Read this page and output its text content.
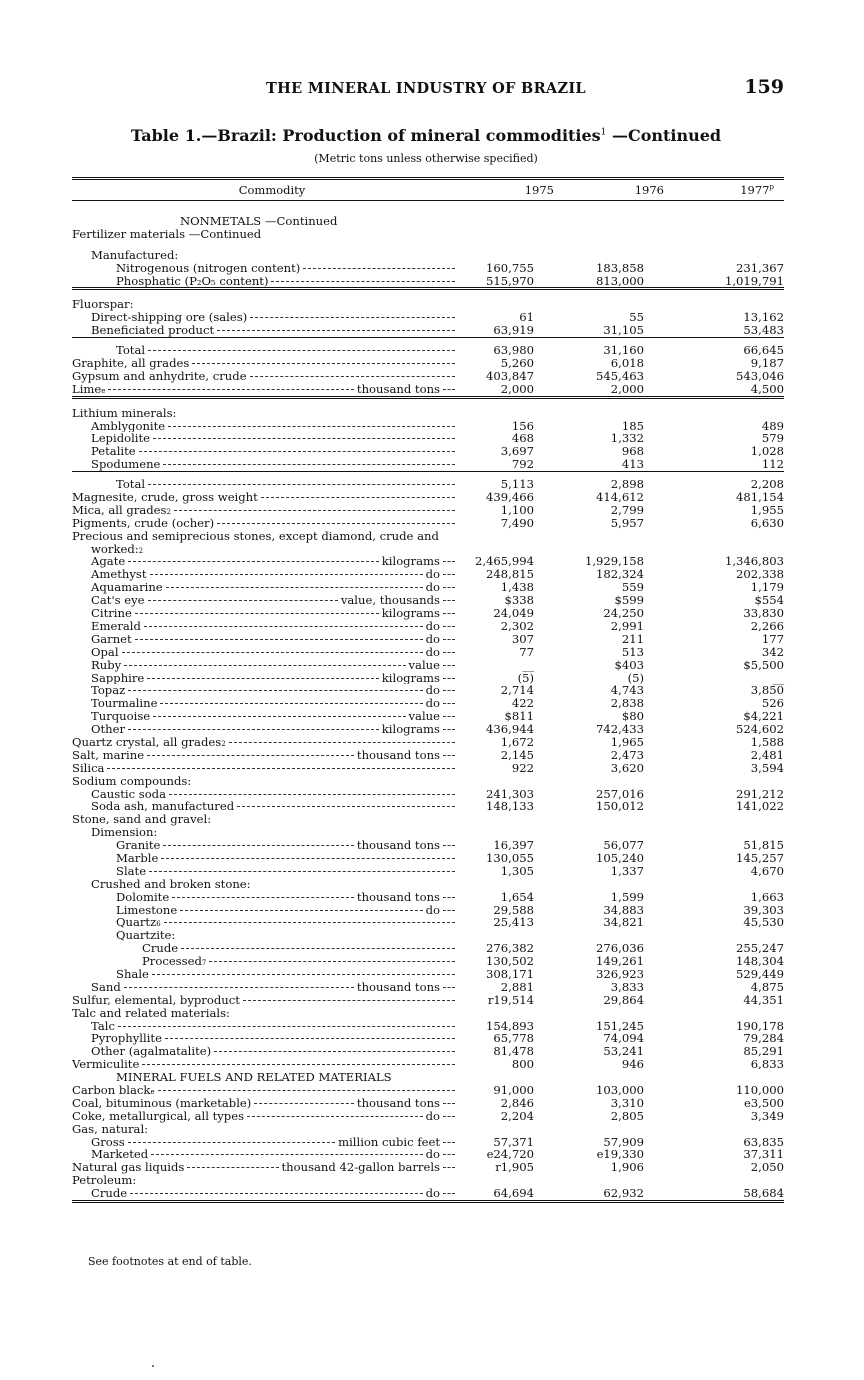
THE MINERAL INDUSTRY OF BRAZIL	159
Table 1.—Brazil: Production of mineral commodities$^1$ —Continued
(Metric tons unless otherwise specified)
Commodity	1975	1976	1977$^p$
NONMETALS —Continued
Fertilizer materials —Continued
Manufactured:
Nitrogenous (nitrogen content)	160,755	183,858	231,367
Phosphatic (P₂O₅ content)	515,970	813,000	1,019,791
Fluorspar:
Direct-shipping ore (sales)	61	55	13,162
Beneficiated product	63,919	31,105	53,483
Total	63,980	31,160	66,645
Graphite, all grades	5,260	6,018	9,187
Gypsum and anhydrite, crude	403,847	545,463	543,046
Lime e	thousand tons	2,000	2,000	4,500
Lithium minerals:
Amblygonite	156	185	489
Lepidolite	468	1,332	579
Petalite	3,697	968	1,028
Spodumene	792	413	112
Total	5,113	2,898	2,208
Magnesite, crude, gross weight	439,466	414,612	481,154
Mica, all grades 2	1,100	2,799	1,955
Pigments, crude (ocher)	7,490	5,957	6,630
Precious and semiprecious stones, except diamond, crude and
worked: 2
Agate	kilograms	2,465,994	1,929,158	1,346,803
Amethyst	do	248,815	182,324	202,338
Aquamarine	do	1,438	559	1,179
Cat's eye	value, thousands	$338	$599	$554
Citrine	kilograms	24,049	24,250	33,830
Emerald	do	2,302	2,991	2,266
Garnet	do	307	211	177
Opal	do	77	513	342
Ruby	value	__	$403	$5,500
Sapphire	kilograms	(5)	(5)	__
Topaz	do	2,714	4,743	3,850
Tourmaline	do	422	2,838	526
Turquoise	value	$811	$80	$4,221
Other	kilograms	436,944	742,433	524,602
Quartz crystal, all grades 2	1,672	1,965	1,588
Salt, marine	thousand tons	2,145	2,473	2,481
Silica	922	3,620	3,594
Sodium compounds:
Caustic soda	241,303	257,016	291,212
Soda ash, manufactured	148,133	150,012	141,022
Stone, sand and gravel:
Dimension:
Granite	thousand tons	16,397	56,077	51,815
Marble	130,055	105,240	145,257
Slate	1,305	1,337	4,670
Crushed and broken stone:
Dolomite	thousand tons	1,654	1,599	1,663
Limestone	do	29,588	34,883	39,303
Quartz 6	25,413	34,821	45,530
Quartzite:
Crude	276,382	276,036	255,247
Processed 7	130,502	149,261	148,304
Shale	308,171	326,923	529,449
Sand	thousand tons	2,881	3,833	4,875
Sulfur, elemental, byproduct	r19,514	29,864	44,351
Talc and related materials:
Talc	154,893	151,245	190,178
Pyrophyllite	65,778	74,094	79,284
Other (agalmatalite)	81,478	53,241	85,291
Vermiculite	800	946	6,833
MINERAL FUELS AND RELATED MATERIALS
Carbon black e	91,000	103,000	110,000
Coal, bituminous (marketable)	thousand tons	2,846	3,310	e3,500
Coke, metallurgical, all types	do	2,204	2,805	3,349
Gas, natural:
Gross	million cubic feet	57,371	57,909	63,835
Marketed	do	e24,720	e19,330	37,311
Natural gas liquids	thousand 42-gallon barrels	r1,905	1,906	2,050
Petroleum:
Crude	do	64,694	62,932	58,684
See footnotes at end of table.
